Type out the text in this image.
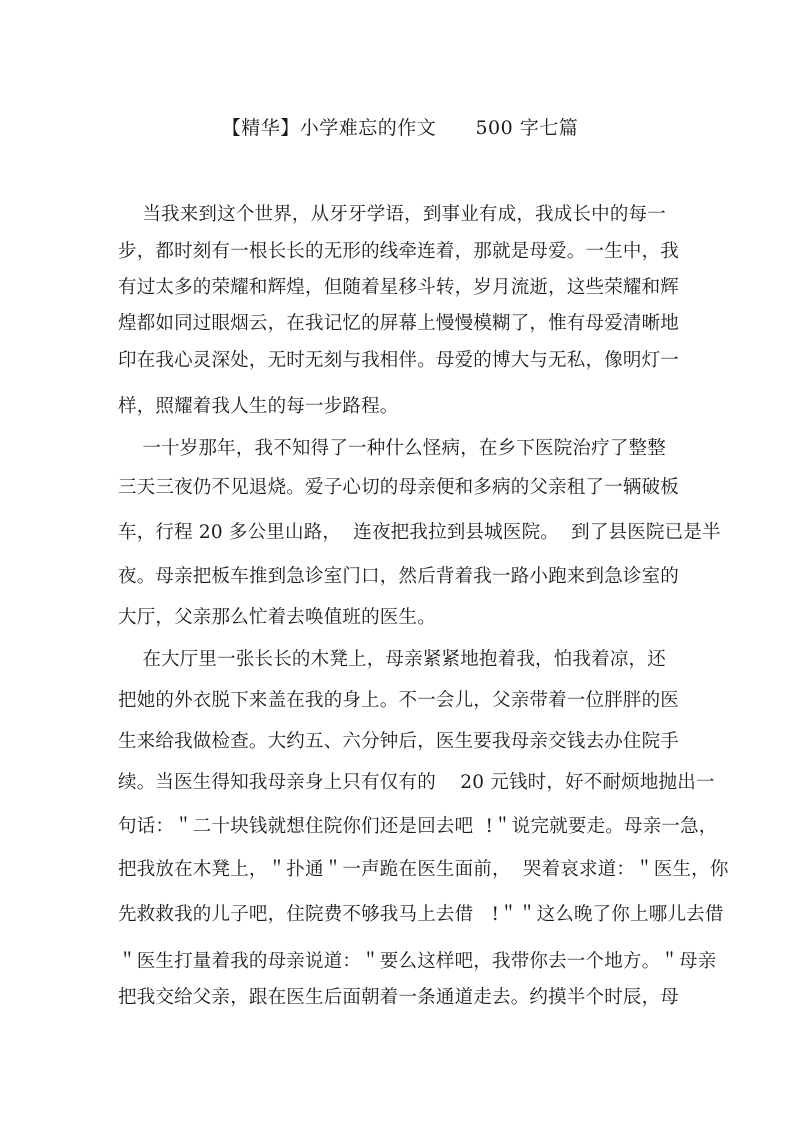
【精华】小学难忘的作文      500 字七篇
当我来到这个世界，从牙牙学语，到事业有成，我成长中的每一
步，都时刻有一根长长的无形的线牵连着，那就是母爱。一生中，我
有过太多的荣耀和辉煌，但随着星移斗转，岁月流逝，这些荣耀和辉
煌都如同过眼烟云，在我记忆的屏幕上慢慢模糊了，惟有母爱清晰地
印在我心灵深处，无时无刻与我相伴。母爱的博大与无私，像明灯一
样，照耀着我人生的每一步路程。
一十岁那年，我不知得了一种什么怪病，在乡下医院治疗了整整
三天三夜仍不见退烧。爱子心切的母亲便和多病的父亲租了一辆破板
车，行程 20 多公里山路，  连夜把我拉到县城医院。  到了县医院已是半
夜。母亲把板车推到急诊室门口，然后背着我一路小跑来到急诊室的
大厅，父亲那么忙着去唤值班的医生。
在大厅里一张长长的木凳上，母亲紧紧地抱着我，怕我着凉，还
把她的外衣脱下来盖在我的身上。不一会儿，父亲带着一位胖胖的医
生来给我做检查。大约五、六分钟后，医生要我母亲交钱去办住院手
续。当医生得知我母亲身上只有仅有的    20 元钱时，好不耐烦地抛出一
句话：＂二十块钱就想住院你们还是回去吧  !＂说完就要走。母亲一急，
把我放在木凳上，＂扑通＂一声跪在医生面前，  哭着哀求道：＂医生，你
先救救我的儿子吧，住院费不够我马上去借   !＂＂这么晚了你上哪儿去借
＂医生打量着我的母亲说道：＂要么这样吧，我带你去一个地方。＂母亲
把我交给父亲，跟在医生后面朝着一条通道走去。约摸半个时辰，母
